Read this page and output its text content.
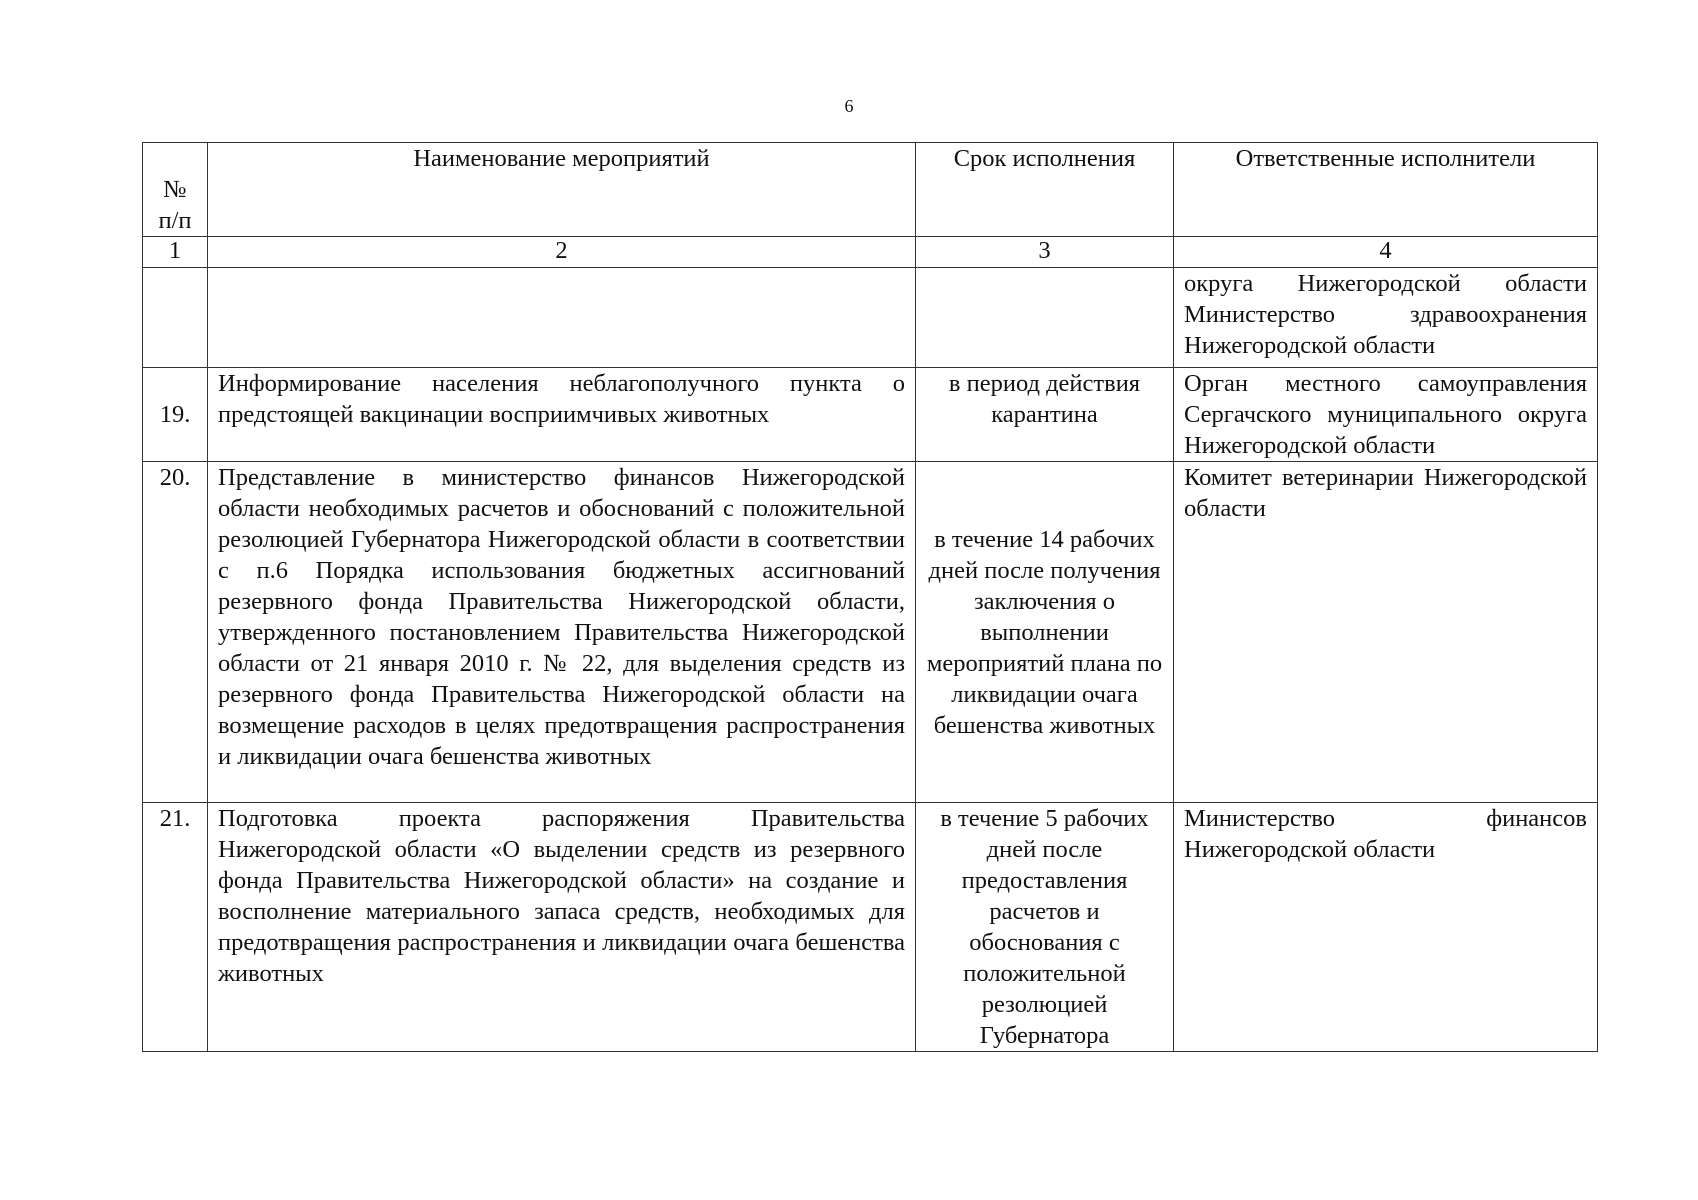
6
№
п/п	Наименование мероприятий	Срок исполнения	Ответственные исполнители
1	2	3	4
			округа Нижегородской области Министерство здравоохранения Нижегородской области
19.	Информирование населения неблагополучного пункта о предстоящей вакцинации восприимчивых животных	в период действия карантина	Орган местного самоуправления Сергачского муниципального округа Нижегородской области
20.	Представление в министерство финансов Нижегородской области необходимых расчетов и обоснований с положительной резолюцией Губернатора Нижегородской области в соответствии с п.6 Порядка использования бюджетных ассигнований резервного фонда Правительства Нижегородской области, утвержденного постановлением Правительства Нижегородской области от 21 января 2010 г. № 22, для выделения средств из резервного фонда Правительства Нижегородской области на возмещение расходов в целях предотвращения распространения и ликвидации очага бешенства животных	в течение 14 рабочих дней после получения заключения о выполнении мероприятий плана по ликвидации очага бешенства животных	Комитет ветеринарии Нижегородской области
21.	Подготовка проекта распоряжения Правительства Нижегородской области «О выделении средств из резервного фонда Правительства Нижегородской области» на создание и восполнение материального запаса средств, необходимых для предотвращения распространения и ликвидации очага бешенства животных	в течение 5 рабочих дней после предоставления расчетов и обоснования с положительной резолюцией Губернатора	Министерство финансов Нижегородской области
